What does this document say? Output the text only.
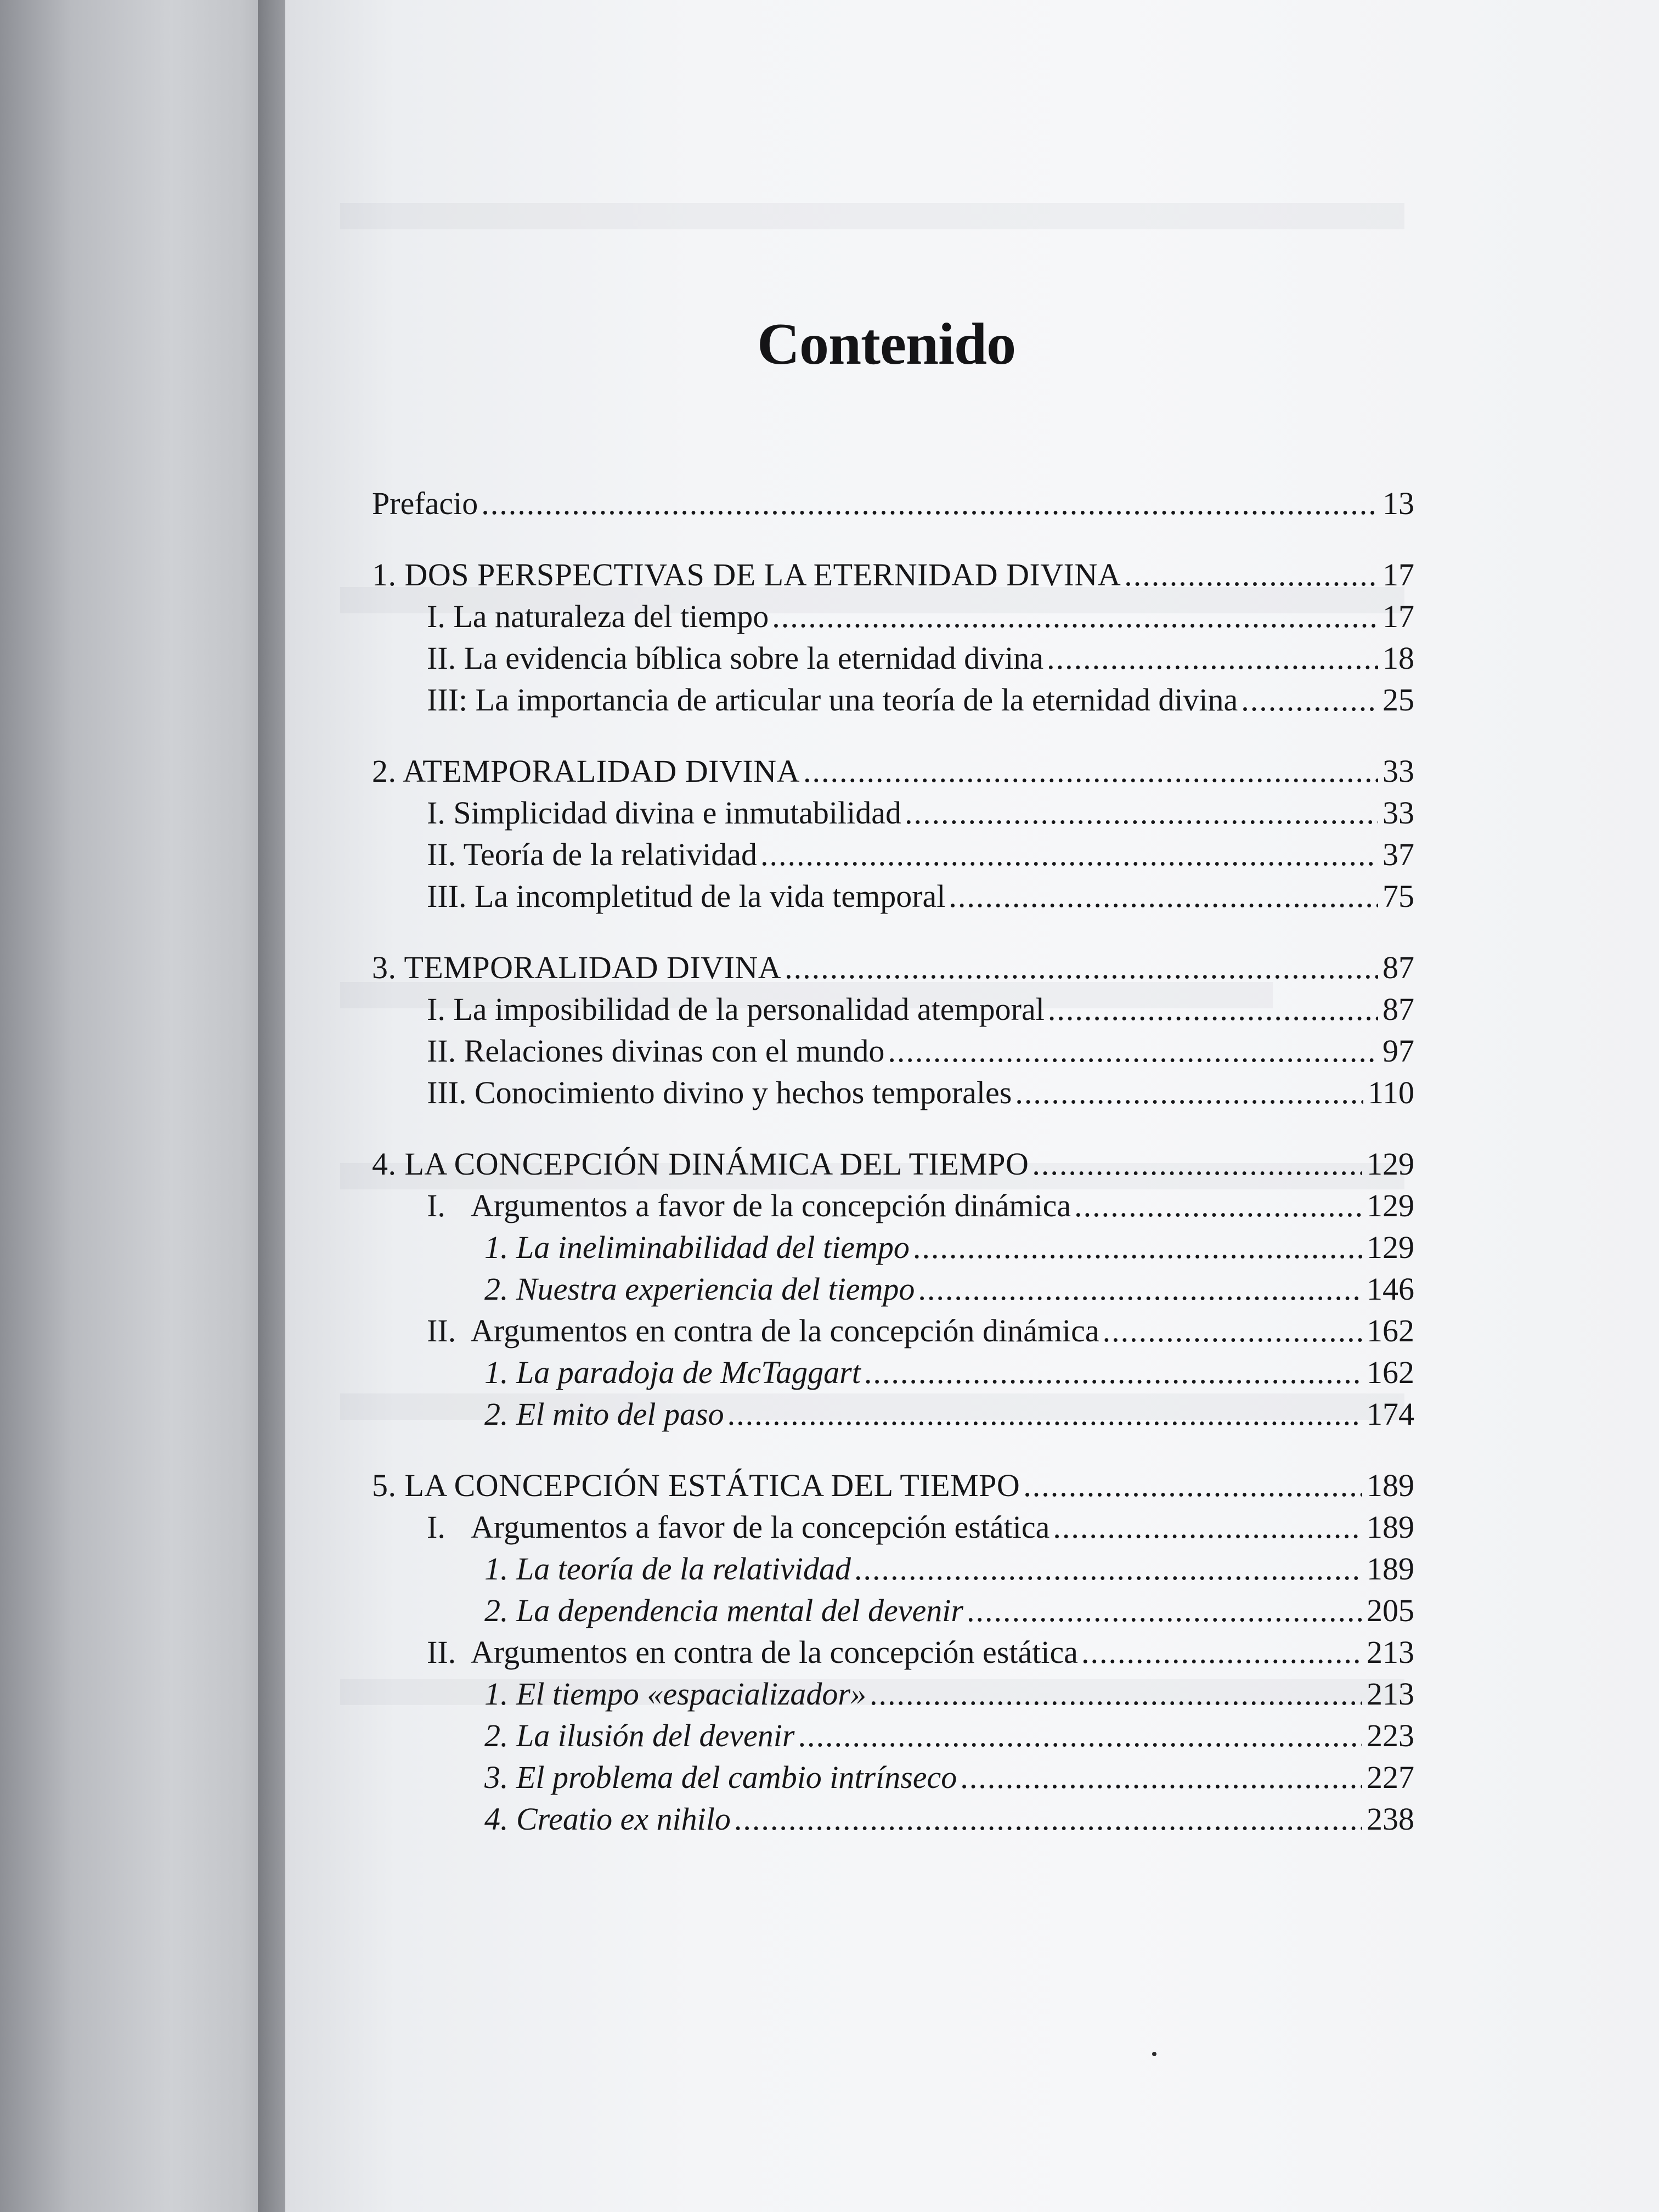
Contenido
Prefacio .....	13
1. DOS PERSPECTIVAS DE LA ETERNIDAD DIVINA .....	17
I. La naturaleza del tiempo .....	17
II. La evidencia bíblica sobre la eternidad divina .....	18
III: La importancia de articular una teoría de la eternidad divina .....	25
2. ATEMPORALIDAD DIVINA .....	33
I. Simplicidad divina e inmutabilidad .....	33
II. Teoría de la relatividad .....	37
III. La incompletitud de la vida temporal .....	75
3. TEMPORALIDAD DIVINA .....	87
I. La imposibilidad de la personalidad atemporal .....	87
II. Relaciones divinas con el mundo .....	97
III. Conocimiento divino y hechos temporales .....	110
4. LA CONCEPCIÓN DINÁMICA DEL TIEMPO .....	129
I. Argumentos a favor de la concepción dinámica .....	129
1. La ineliminabilidad del tiempo .....	129
2. Nuestra experiencia del tiempo .....	146
II. Argumentos en contra de la concepción dinámica .....	162
1. La paradoja de McTaggart .....	162
2. El mito del paso .....	174
5. LA CONCEPCIÓN ESTÁTICA DEL TIEMPO .....	189
I. Argumentos a favor de la concepción estática .....	189
1. La teoría de la relatividad .....	189
2. La dependencia mental del devenir .....	205
II. Argumentos en contra de la concepción estática .....	213
1. El tiempo «espacializador» .....	213
2. La ilusión del devenir .....	223
3. El problema del cambio intrínseco .....	227
4. Creatio ex nihilo .....	238
